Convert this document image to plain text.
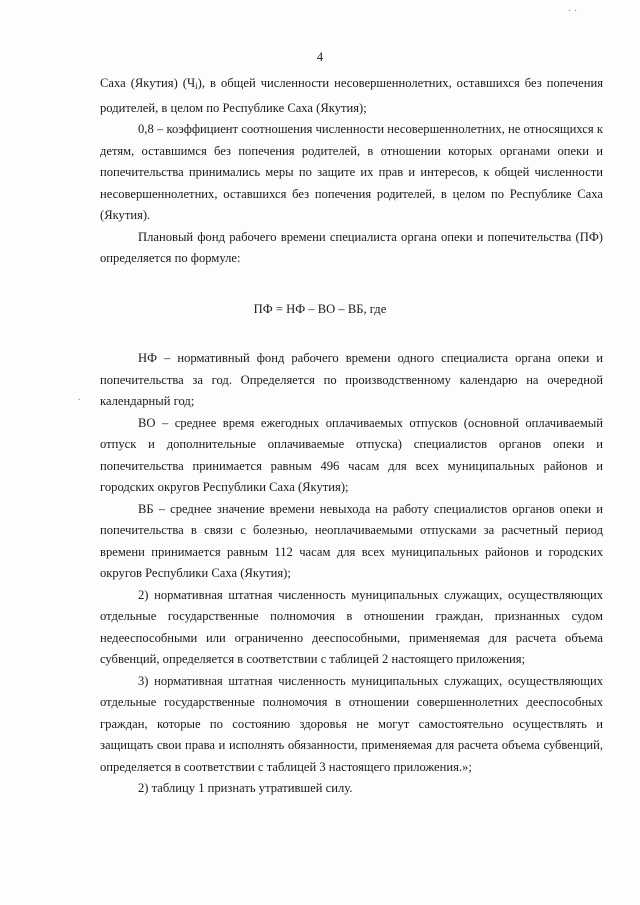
· ·
4

Саха (Якутия) $(Ч_i)$, в общей численности несовершеннолетних, оставшихся без попечения родителей, в целом по Республике Саха (Якутия);

0,8 – коэффициент соотношения численности несовершеннолетних, не относящихся к детям, оставшимся без попечения родителей, в отношении которых органами опеки и попечительства принимались меры по защите их прав и интересов, к общей численности несовершеннолетних, оставшихся без попечения родителей, в целом по Республике Саха (Якутия).

Плановый фонд рабочего времени специалиста органа опеки и попечительства (ПФ) определяется по формуле:

ПФ = НФ – ВО – ВБ, где
.

НФ – нормативный фонд рабочего времени одного специалиста органа опеки и попечительства за год. Определяется по производственному календарю на очередной календарный год;

ВО – среднее время ежегодных оплачиваемых отпусков (основной оплачиваемый отпуск и дополнительные оплачиваемые отпуска) специалистов органов опеки и попечительства принимается равным 496 часам для всех муниципальных районов и городских округов Республики Саха (Якутия);

ВБ – среднее значение времени невыхода на работу специалистов органов опеки и попечительства в связи с болезнью, неоплачиваемыми отпусками за расчетный период времени принимается равным 112 часам для всех муниципальных районов и городских округов Республики Саха (Якутия);

2) нормативная штатная численность муниципальных служащих, осуществляющих отдельные государственные полномочия в отношении граждан, признанных судом недееспособными или ограниченно дееспособными, применяемая для расчета объема субвенций, определяется в соответствии с таблицей 2 настоящего приложения;

3) нормативная штатная численность муниципальных служащих, осуществляющих отдельные государственные полномочия в отношении совершеннолетних дееспособных граждан, которые по состоянию здоровья не могут самостоятельно осуществлять и защищать свои права и исполнять обязанности, применяемая для расчета объема субвенций, определяется в соответствии с таблицей 3 настоящего приложения.»;

2) таблицу 1 признать утратившей силу.
